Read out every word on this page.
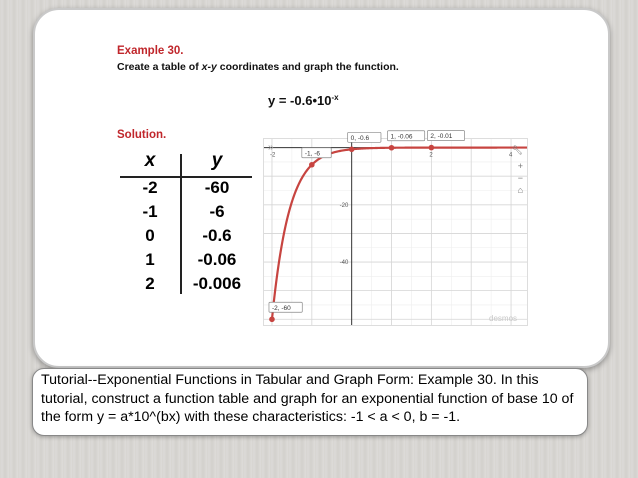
Example 30.
Create a table of x-y coordinates and graph the function.
$y = -0.6•10^{-x}$
Solution.
x	y
-2	-60
-1	-6
0	-0.6
1	-0.06
2	-0.006
-2	2	4
-20
-40
-2, -60
-1, -6
0, -0.6	1, -0.06	2, -0.01
desmos
»	🔧︎
+
−
⌂
Tutorial--Exponential Functions in Tabular and Graph Form: Example 30. In this tutorial, construct a function table and graph for an exponential function of base 10 of the form y = a*10^(bx) with these characteristics: -1 < a < 0, b = -1.
